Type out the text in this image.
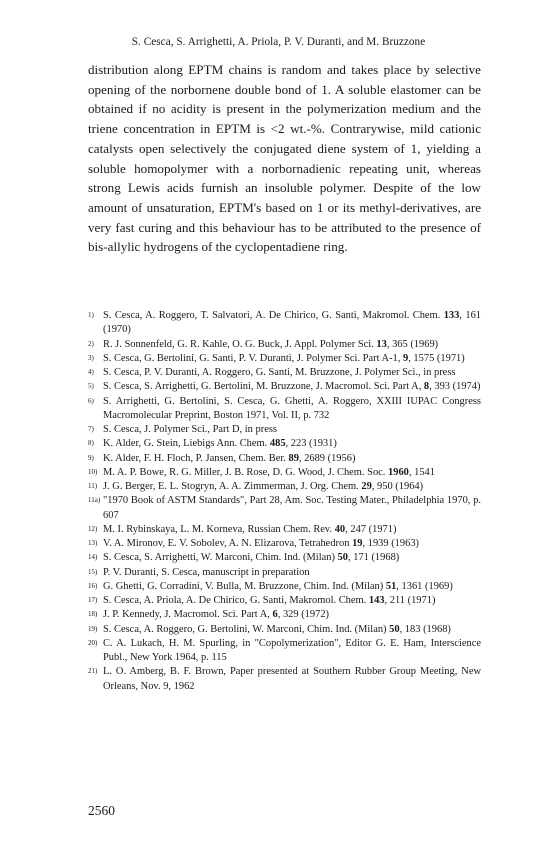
S. Cesca, S. Arrighetti, A. Priola, P. V. Duranti, and M. Bruzzone

distribution along EPTM chains is random and takes place by selective opening of the norbornene double bond of 1. A soluble elastomer can be obtained if no acidity is present in the polymerization medium and the triene concentration in EPTM is <2 wt.-%. Contrarywise, mild cationic catalysts open selectively the conjugated diene system of 1, yielding a soluble homopolymer with a norbornadienic repeating unit, whereas strong Lewis acids furnish an insoluble polymer. Despite of the low amount of unsaturation, EPTM's based on 1 or its methyl-derivatives, are very fast curing and this behaviour has to be attributed to the presence of bis-allylic hydrogens of the cyclopentadiene ring.

1) S. Cesca, A. Roggero, T. Salvatori, A. De Chirico, G. Santi, Makromol. Chem. 133, 161 (1970)
2) R. J. Sonnenfeld, G. R. Kahle, O. G. Buck, J. Appl. Polymer Sci. 13, 365 (1969)
3) S. Cesca, G. Bertolini, G. Santi, P. V. Duranti, J. Polymer Sci. Part A-1, 9, 1575 (1971)
4) S. Cesca, P. V. Duranti, A. Roggero, G. Santi, M. Bruzzone, J. Polymer Sci., in press
5) S. Cesca, S. Arrighetti, G. Bertolini, M. Bruzzone, J. Macromol. Sci. Part A, 8, 393 (1974)
6) S. Arrighetti, G. Bertolini, S. Cesca, G. Ghetti, A. Roggero, XXIII IUPAC Congress Macromolecular Preprint, Boston 1971, Vol. II, p. 732
7) S. Cesca, J. Polymer Sci., Part D, in press
8) K. Alder, G. Stein, Liebigs Ann. Chem. 485, 223 (1931)
9) K. Alder, F. H. Floch, P. Jansen, Chem. Ber. 89, 2689 (1956)
10) M. A. P. Bowe, R. G. Miller, J. B. Rose, D. G. Wood, J. Chem. Soc. 1960, 1541
11) J. G. Berger, E. L. Stogryn, A. A. Zimmerman, J. Org. Chem. 29, 950 (1964)
11a) "1970 Book of ASTM Standards", Part 28, Am. Soc. Testing Mater., Philadelphia 1970, p. 607
12) M. I. Rybinskaya, L. M. Korneva, Russian Chem. Rev. 40, 247 (1971)
13) V. A. Mironov, E. V. Sobolev, A. N. Elizarova, Tetrahedron 19, 1939 (1963)
14) S. Cesca, S. Arrighetti, W. Marconi, Chim. Ind. (Milan) 50, 171 (1968)
15) P. V. Duranti, S. Cesca, manuscript in preparation
16) G. Ghetti, G. Corradini, V. Bulla, M. Bruzzone, Chim. Ind. (Milan) 51, 1361 (1969)
17) S. Cesca, A. Priola, A. De Chirico, G. Santi, Makromol. Chem. 143, 211 (1971)
18) J. P. Kennedy, J. Macromol. Sci. Part A, 6, 329 (1972)
19) S. Cesca, A. Roggero, G. Bertolini, W. Marconi, Chim. Ind. (Milan) 50, 183 (1968)
20) C. A. Lukach, H. M. Spurling, in "Copolymerization", Editor G. E. Ham, Interscience Publ., New York 1964, p. 115
21) L. O. Amberg, B. F. Brown, Paper presented at Southern Rubber Group Meeting, New Orleans, Nov. 9, 1962
2560
